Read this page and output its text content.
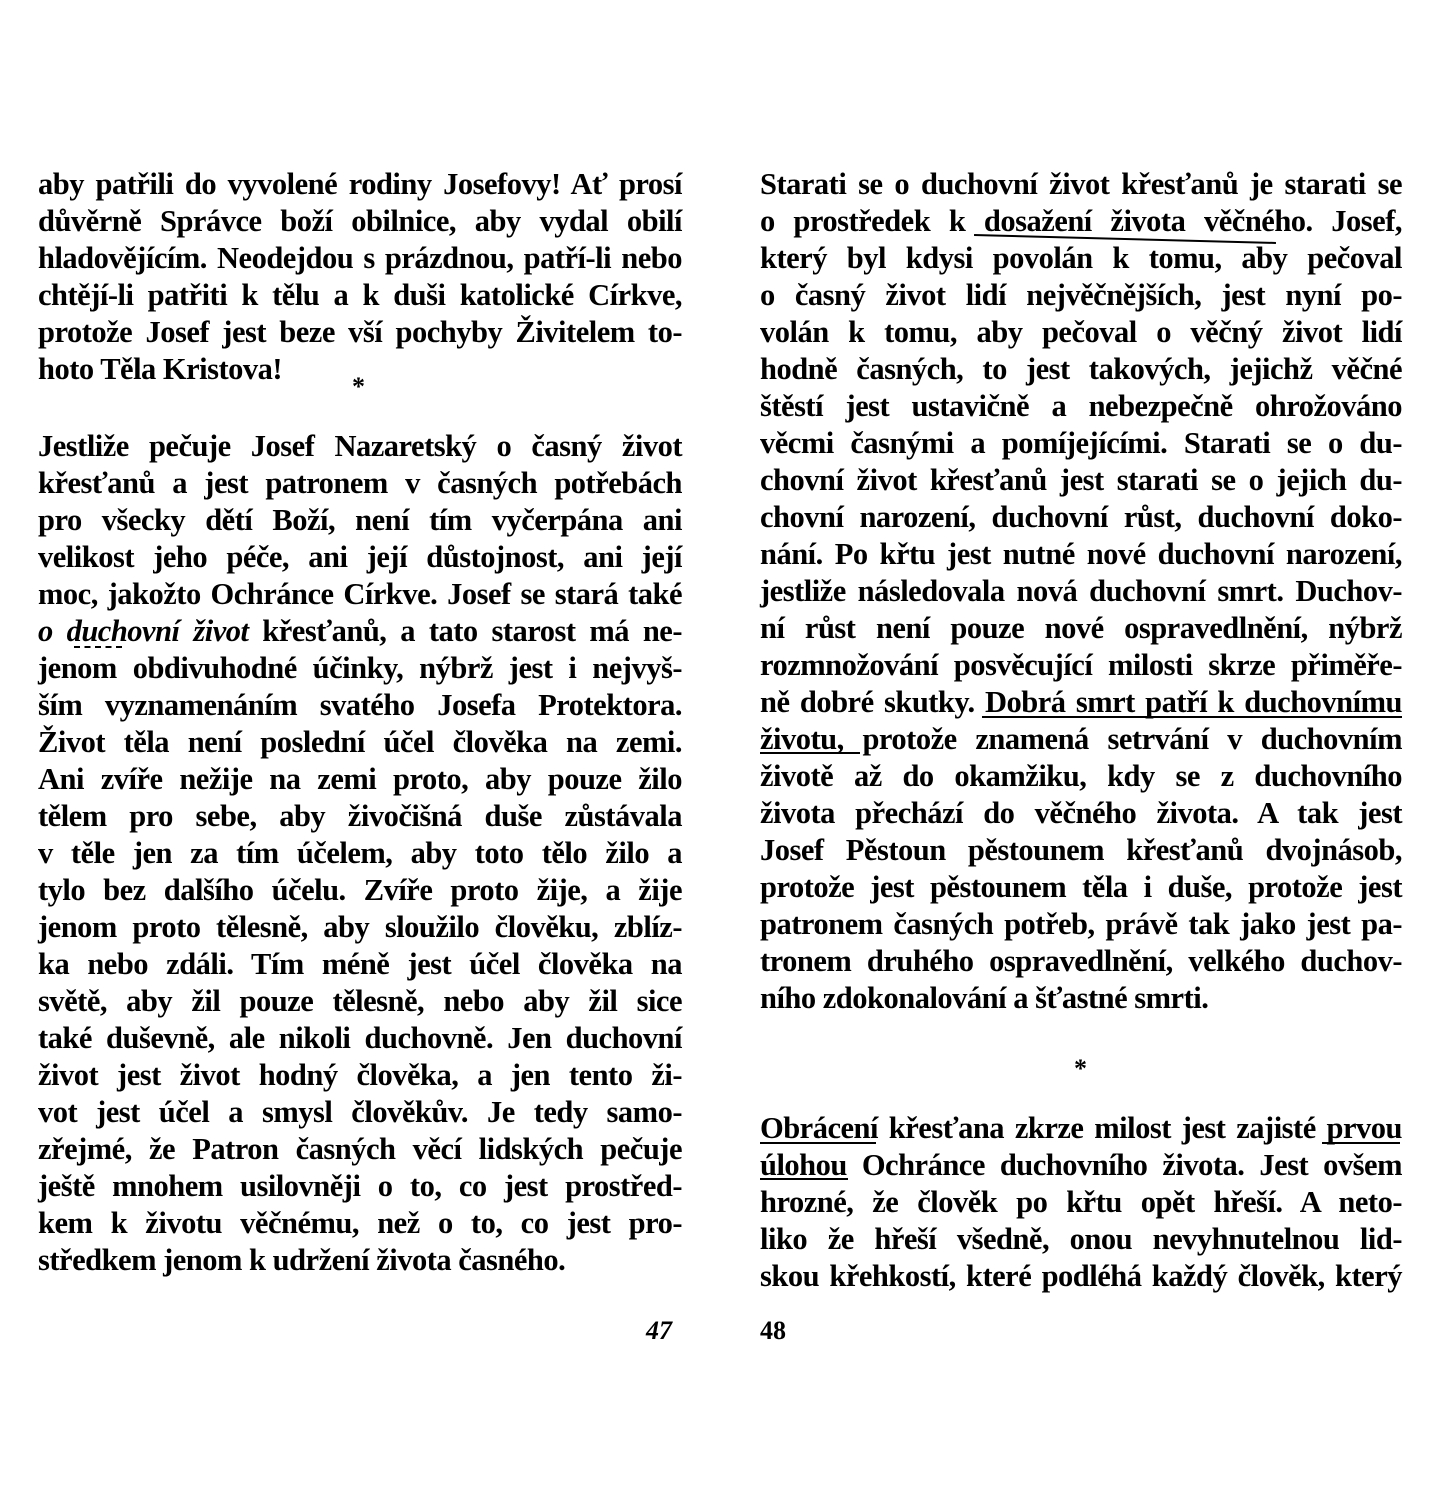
aby patřili do vyvolené rodiny Josefovy! Ať prosí
důvěrně Správce boží obilnice, aby vydal obilí
hladovějícím. Neodejdou s prázdnou, patří-li nebo
chtějí-li patřiti k tělu a k duši katolické Církve,
protože Josef jest beze vší pochyby Živitelem to-
hoto Těla Kristova!
*
Jestliže pečuje Josef Nazaretský o časný život
křesťanů a jest patronem v časných potřebách
pro všecky dětí Boží, není tím vyčerpána ani
velikost jeho péče, ani její důstojnost, ani její
moc, jakožto Ochránce Církve. Josef se stará také
o duchovní život křesťanů, a tato starost má ne-
jenom obdivuhodné účinky, nýbrž jest i nejvyš-
ším vyznamenáním svatého Josefa Protektora.
Život těla není poslední účel člověka na zemi.
Ani zvíře nežije na zemi proto, aby pouze žilo
tělem pro sebe, aby živočišná duše zůstávala
v těle jen za tím účelem, aby toto tělo žilo a
tylo bez dalšího účelu. Zvíře proto žije, a žije
jenom proto tělesně, aby sloužilo člověku, zblíz-
ka nebo zdáli. Tím méně jest účel člověka na
světě, aby žil pouze tělesně, nebo aby žil sice
také duševně, ale nikoli duchovně. Jen duchovní
život jest život hodný člověka, a jen tento ži-
vot jest účel a smysl člověkův. Je tedy samo-
zřejmé, že Patron časných věcí lidských pečuje
ještě mnohem usilovněji o to, co jest prostřed-
kem k životu věčnému, než o to, co jest pro-
středkem jenom k udržení života časného.
47
Starati se o duchovní život křesťanů je starati se
o prostředek k dosažení života věčného. Josef,
který byl kdysi povolán k tomu, aby pečoval
o časný život lidí nejvěčnějších, jest nyní po-
volán k tomu, aby pečoval o věčný život lidí
hodně časných, to jest takových, jejichž věčné
štěstí jest ustavičně a nebezpečně ohrožováno
věcmi časnými a pomíjejícími. Starati se o du-
chovní život křesťanů jest starati se o jejich du-
chovní narození, duchovní růst, duchovní doko-
nání. Po křtu jest nutné nové duchovní narození,
jestliže následovala nová duchovní smrt. Duchov-
ní růst není pouze nové ospravedlnění, nýbrž
rozmnožování posvěcující milosti skrze přiměře-
ně dobré skutky. Dobrá smrt patří k duchovnímu
životu, protože znamená setrvání v duchovním
životě až do okamžiku, kdy se z duchovního
života přechází do věčného života. A tak jest
Josef Pěstoun pěstounem křesťanů dvojnásob,
protože jest pěstounem těla i duše, protože jest
patronem časných potřeb, právě tak jako jest pa-
tronem druhého ospravedlnění, velkého duchov-
ního zdokonalování a šťastné smrti.
*
Obrácení křesťana zkrze milost jest zajisté prvou
úlohou Ochránce duchovního života. Jest ovšem
hrozné, že člověk po křtu opět hřeší. A neto-
liko že hřeší všedně, onou nevyhnutelnou lid-
skou křehkostí, které podléhá každý člověk, který
48
